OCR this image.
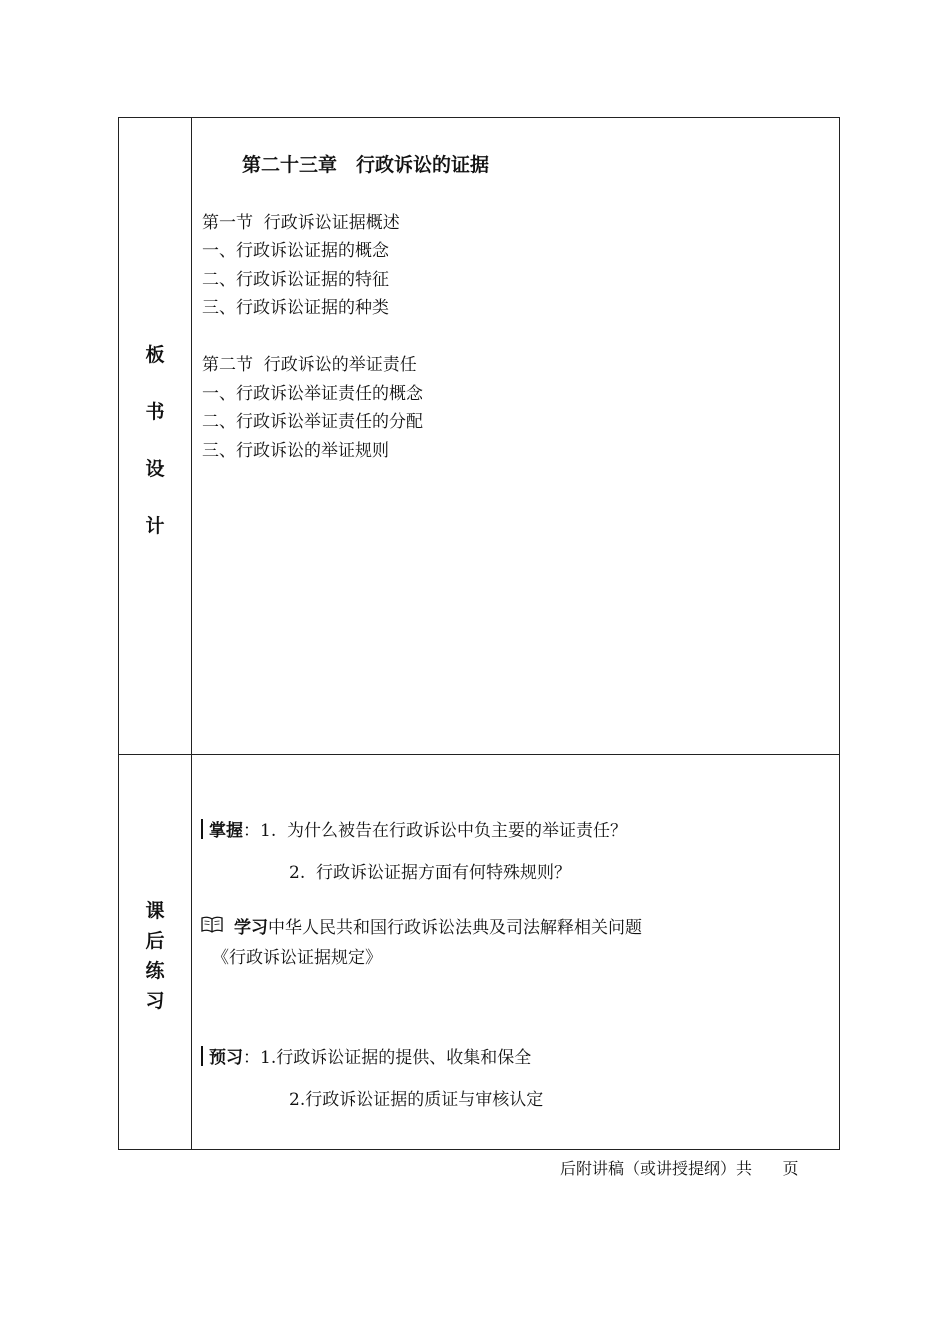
板
书
设
计
课
后
练
习
第二十三章　行政诉讼的证据
第一节  行政诉讼证据概述
一、行政诉讼证据的概念
二、行政诉讼证据的特征
三、行政诉讼证据的种类
第二节  行政诉讼的举证责任
一、行政诉讼举证责任的概念
二、行政诉讼举证责任的分配
三、行政诉讼的举证规则
掌握：1.  为什么被告在行政诉讼中负主要的举证责任？
2.  行政诉讼证据方面有何特殊规则？
学习中华人民共和国行政诉讼法典及司法解释相关问题
《行政诉讼证据规定》
预习：1.行政诉讼证据的提供、收集和保全
2.行政诉讼证据的质证与审核认定
后附讲稿（或讲授提纲）共      页
